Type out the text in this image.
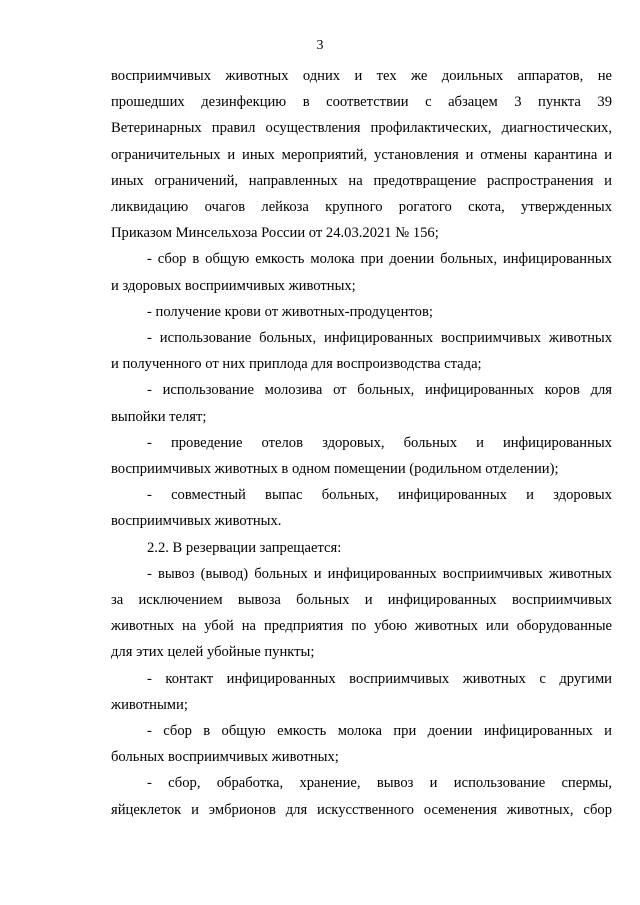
3

восприимчивых животных одних и тех же доильных аппаратов, не
прошедших дезинфекцию в соответствии с абзацем 3 пункта 39
Ветеринарных правил осуществления профилактических, диагностических,
ограничительных и иных мероприятий, установления и отмены карантина и
иных ограничений, направленных на предотвращение распространения и
ликвидацию очагов лейкоза крупного рогатого скота, утвержденных
Приказом Минсельхоза России от 24.03.2021 № 156;

- сбор в общую емкость молока при доении больных, инфицированных
и здоровых восприимчивых животных;

- получение крови от животных-продуцентов;

- использование больных, инфицированных восприимчивых животных
и полученного от них приплода для воспроизводства стада;

- использование молозива от больных, инфицированных коров для
выпойки телят;

- проведение отелов здоровых, больных и инфицированных
восприимчивых животных в одном помещении (родильном отделении);

- совместный выпас больных, инфицированных и здоровых
восприимчивых животных.

2.2. В резервации запрещается:

- вывоз (вывод) больных и инфицированных восприимчивых животных
за исключением вывоза больных и инфицированных восприимчивых
животных на убой на предприятия по убою животных или оборудованные
для этих целей убойные пункты;

- контакт инфицированных восприимчивых животных с другими
животными;

- сбор в общую емкость молока при доении инфицированных и
больных восприимчивых животных;

- сбор, обработка, хранение, вывоз и использование спермы,
яйцеклеток и эмбрионов для искусственного осеменения животных, сбор
